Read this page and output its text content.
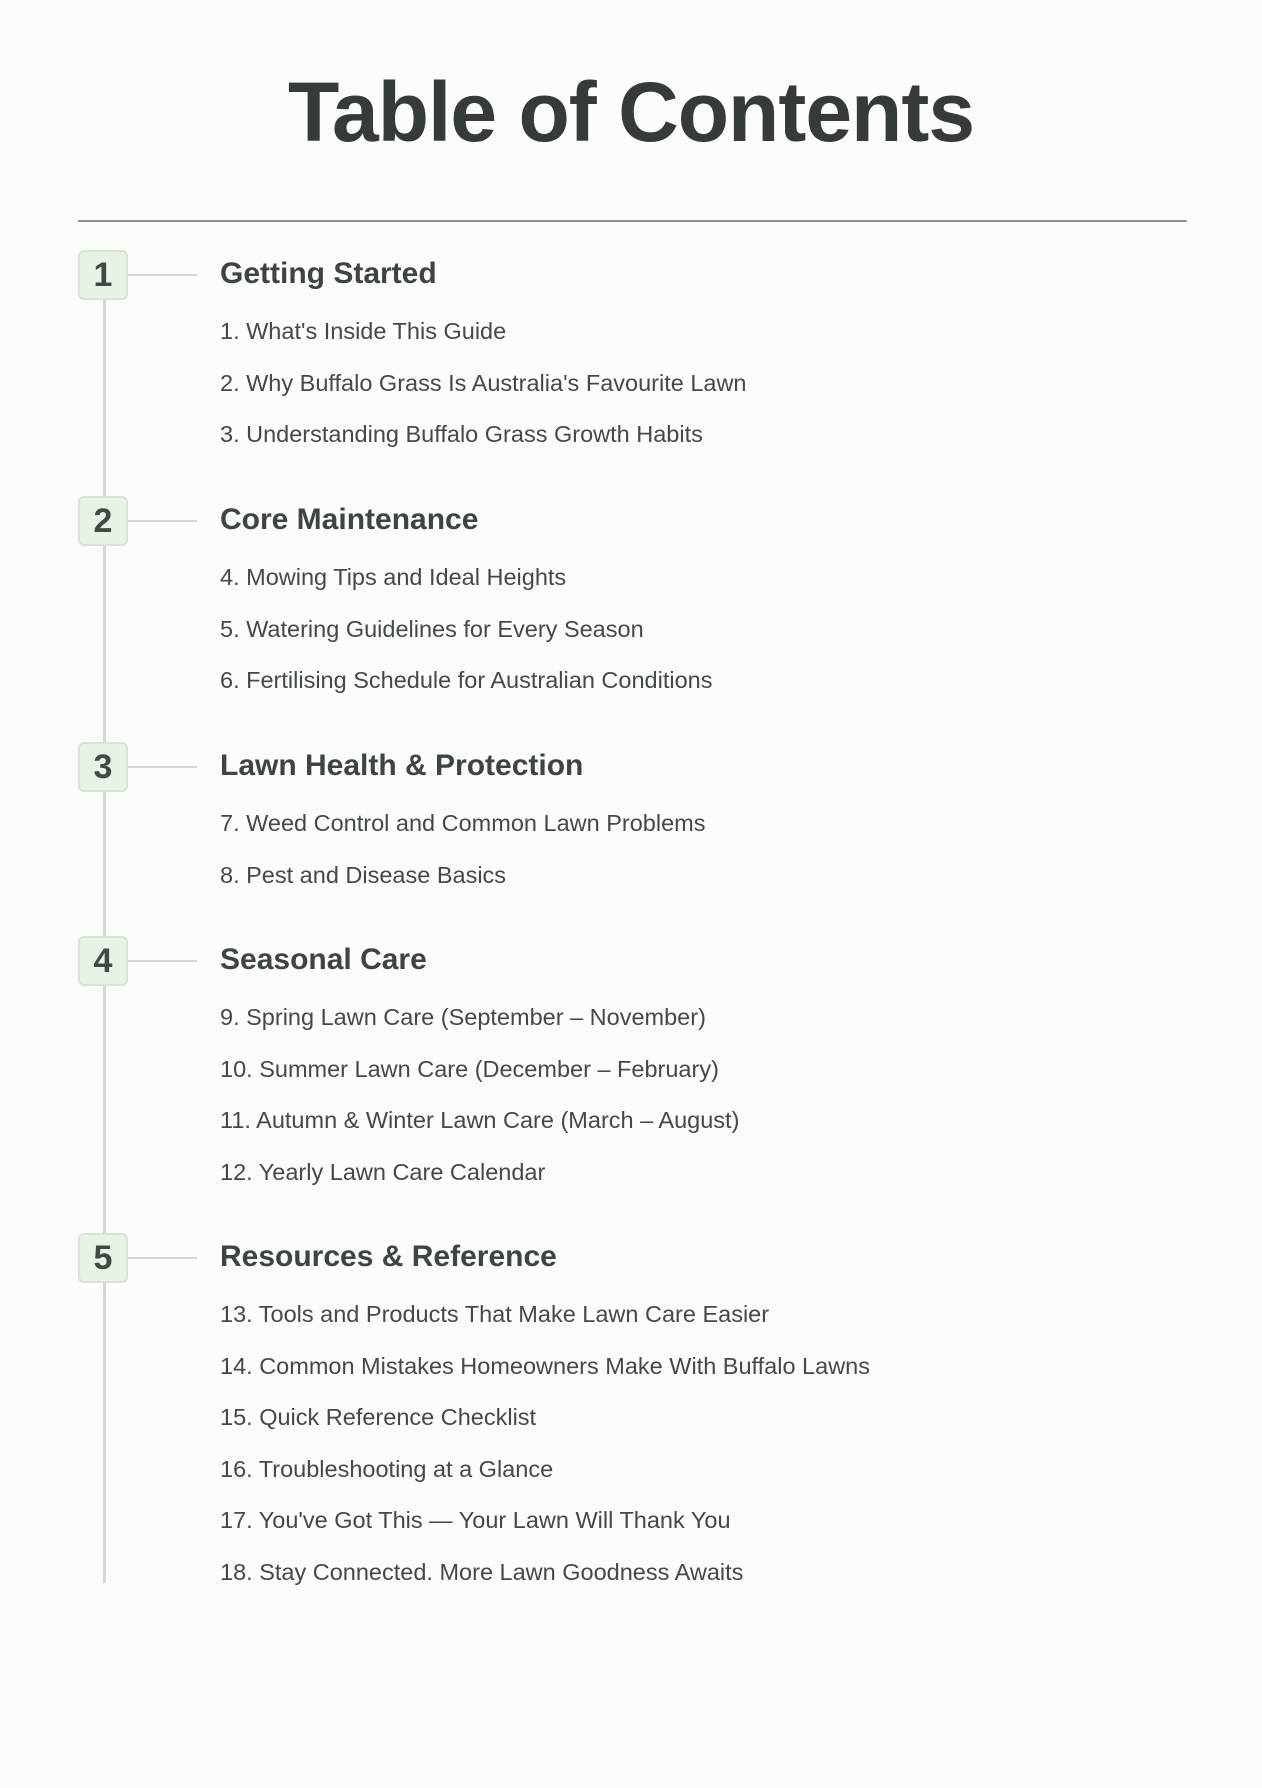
Table of Contents
1	Getting Started
1. What's Inside This Guide
2. Why Buffalo Grass Is Australia's Favourite Lawn
3. Understanding Buffalo Grass Growth Habits
2	Core Maintenance
4. Mowing Tips and Ideal Heights
5. Watering Guidelines for Every Season
6. Fertilising Schedule for Australian Conditions
3	Lawn Health & Protection
7. Weed Control and Common Lawn Problems
8. Pest and Disease Basics
4	Seasonal Care
9. Spring Lawn Care (September – November)
10. Summer Lawn Care (December – February)
11. Autumn & Winter Lawn Care (March – August)
12. Yearly Lawn Care Calendar
5	Resources & Reference
13. Tools and Products That Make Lawn Care Easier
14. Common Mistakes Homeowners Make With Buffalo Lawns
15. Quick Reference Checklist
16. Troubleshooting at a Glance
17. You've Got This — Your Lawn Will Thank You
18. Stay Connected. More Lawn Goodness Awaits
